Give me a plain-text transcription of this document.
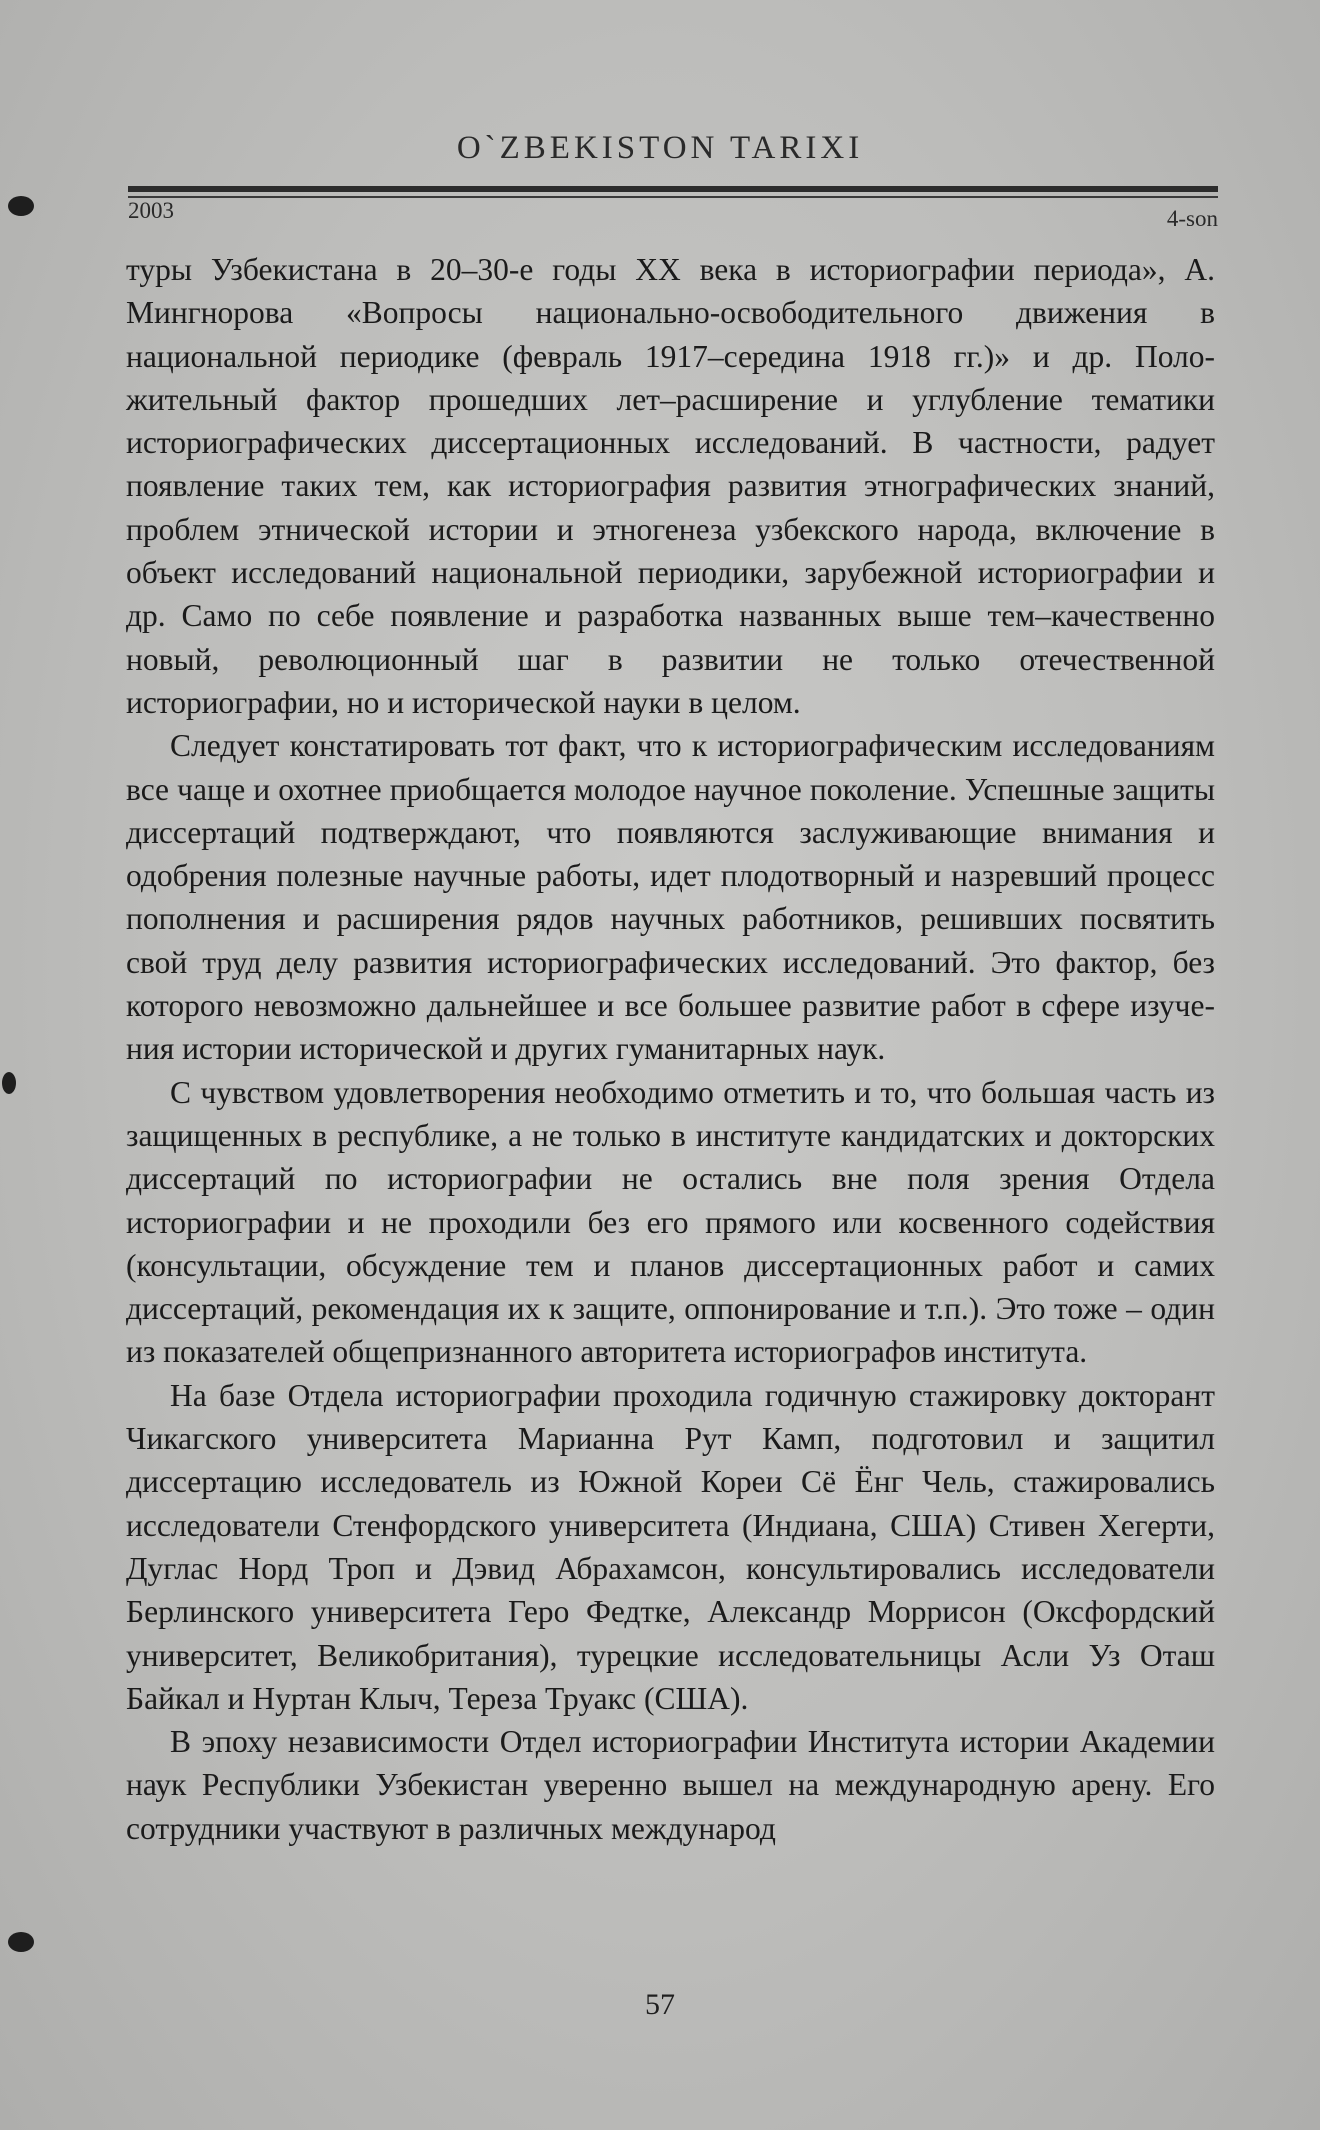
O`ZBEKISTON TARIXI
2003	4-son

туры Узбекистана в 20–30-е годы XX века в историографии периода», А. Мингнорова «Вопросы национально-освободительного движения в национальной периодике (февраль 1917–середина 1918 гг.)» и др. Положительный фактор прошедших лет–расширение и углубление тематики историографических диссертационных исследований. В частности, радует появление таких тем, как историография развития этнографических знаний, проблем этнической истории и этногенеза узбекского народа, включение в объект исследований национальной периодики, зарубежной историографии и др. Само по себе появление и разработка названных выше тем–качественно новый, революционный шаг в развитии не только отечественной историографии, но и исторической науки в целом.

Следует констатировать тот факт, что к историографическим исследованиям все чаще и охотнее приобщается молодое научное поколение. Успешные защиты диссертаций подтверждают, что появляются заслуживающие внимания и одобрения полезные научные работы, идет плодотворный и назревший процесс пополнения и расширения рядов научных работников, решивших посвятить свой труд делу развития историографических исследований. Это фактор, без которого невозможно дальнейшее и все большее развитие работ в сфере изучения истории исторической и других гуманитарных наук.

С чувством удовлетворения необходимо отметить и то, что большая часть из защищенных в республике, а не только в институте кандидатских и докторских диссертаций по историографии не остались вне поля зрения Отдела историографии и не проходили без его прямого или косвенного содействия (консультации, обсуждение тем и планов диссертационных работ и самих диссертаций, рекомендация их к защите, оппонирование и т.п.). Это тоже – один из показателей общепризнанного авторитета историографов института.

На базе Отдела историографии проходила годичную стажировку докторант Чикагского университета Марианна Рут Камп, подготовил и защитил диссертацию исследователь из Южной Кореи Сё Ёнг Чель, стажировались исследователи Стенфордского университета (Индиана, США) Стивен Хегерти, Дуглас Норд Троп и Дэвид Абрахамсон, консультировались исследователи Берлинского университета Геро Федтке, Александр Моррисон (Оксфордский университет, Великобритания), турецкие исследовательницы Асли Уз Оташ Байкал и Нуртан Клыч, Тереза Труакс (США).

В эпоху независимости Отдел историографии Института истории Академии наук Республики Узбекистан уверенно вышел на международную арену. Его сотрудники участвуют в различных международ

57
